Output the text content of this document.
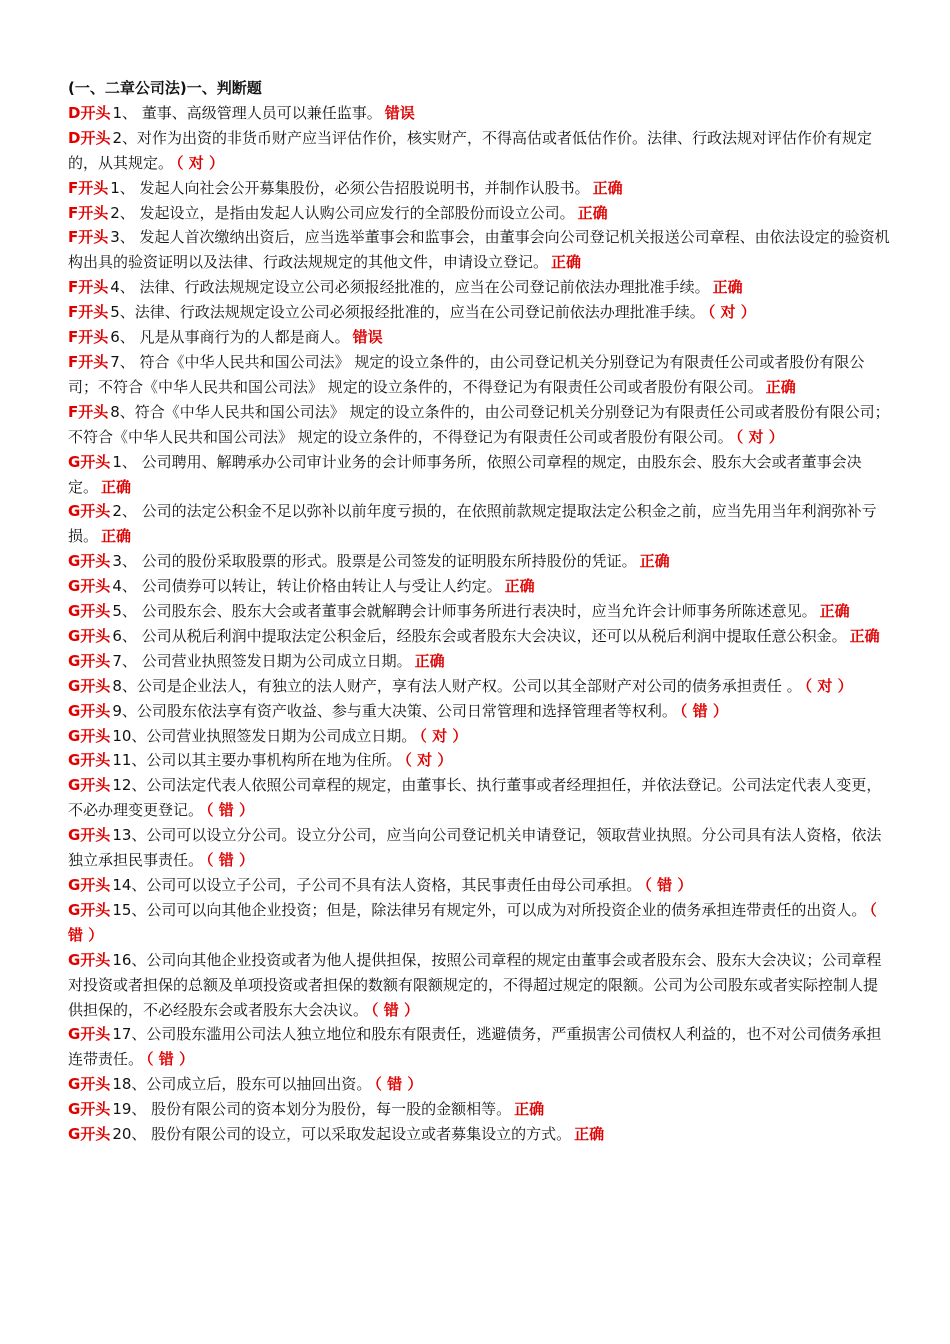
(一、二章公司法)一、判断题

D开头 1、 董事、高级管理人员可以兼任监事。 错误

D开头 2、对作为出资的非货币财产应当评估作价，核实财产，不得高估或者低估作价。法律、行政法规对评估作价有规定的，从其规定。 （ 对 ）

F开头 1、 发起人向社会公开募集股份，必须公告招股说明书，并制作认股书。 正确

F开头 2、 发起设立，是指由发起人认购公司应发行的全部股份而设立公司。 正确

F开头 3、 发起人首次缴纳出资后，应当选举董事会和监事会，由董事会向公司登记机关报送公司章程、由依法设定的验资机构出具的验资证明以及法律、行政法规规定的其他文件，申请设立登记。 正确

F开头 4、 法律、行政法规规定设立公司必须报经批准的，应当在公司登记前依法办理批准手续。 正确

F开头 5、法律、行政法规规定设立公司必须报经批准的，应当在公司登记前依法办理批准手续。 （ 对 ）

F开头 6、 凡是从事商行为的人都是商人。 错误

F开头 7、 符合《中华人民共和国公司法》 规定的设立条件的，由公司登记机关分别登记为有限责任公司或者股份有限公司；不符合《中华人民共和国公司法》 规定的设立条件的，不得登记为有限责任公司或者股份有限公司。 正确

F开头 8、符合《中华人民共和国公司法》 规定的设立条件的，由公司登记机关分别登记为有限责任公司或者股份有限公司；不符合《中华人民共和国公司法》 规定的设立条件的，不得登记为有限责任公司或者股份有限公司。 （ 对 ）

G开头 1、 公司聘用、解聘承办公司审计业务的会计师事务所，依照公司章程的规定，由股东会、股东大会或者董事会决定。 正确

G开头 2、 公司的法定公积金不足以弥补以前年度亏损的，在依照前款规定提取法定公积金之前，应当先用当年利润弥补亏损。 正确

G开头 3、 公司的股份采取股票的形式。股票是公司签发的证明股东所持股份的凭证。 正确

G开头 4、 公司债券可以转让，转让价格由转让人与受让人约定。 正确

G开头 5、 公司股东会、股东大会或者董事会就解聘会计师事务所进行表决时，应当允许会计师事务所陈述意见。 正确

G开头 6、 公司从税后利润中提取法定公积金后，经股东会或者股东大会决议，还可以从税后利润中提取任意公积金。 正确

G开头 7、 公司营业执照签发日期为公司成立日期。 正确

G开头 8、公司是企业法人，有独立的法人财产，享有法人财产权。公司以其全部财产对公司的债务承担责任 。 （ 对 ）

G开头 9、公司股东依法享有资产收益、参与重大决策、公司日常管理和选择管理者等权利。 （ 错 ）

G开头 10、公司营业执照签发日期为公司成立日期。 （ 对 ）

G开头 11、公司以其主要办事机构所在地为住所。 （ 对 ）

G开头 12、公司法定代表人依照公司章程的规定，由董事长、执行董事或者经理担任，并依法登记。公司法定代表人变更，不必办理变更登记。 （ 错 ）

G开头 13、公司可以设立分公司。设立分公司，应当向公司登记机关申请登记，领取营业执照。分公司具有法人资格，依法独立承担民事责任。 （ 错 ）

G开头 14、公司可以设立子公司，子公司不具有法人资格，其民事责任由母公司承担。 （ 错 ）

G开头 15、公司可以向其他企业投资；但是，除法律另有规定外，可以成为对所投资企业的债务承担连带责任的出资人。 （ 错 ）

G开头 16、公司向其他企业投资或者为他人提供担保，按照公司章程的规定由董事会或者股东会、股东大会决议；公司章程对投资或者担保的总额及单项投资或者担保的数额有限额规定的，不得超过规定的限额。公司为公司股东或者实际控制人提供担保的，不必经股东会或者股东大会决议。 （ 错 ）

G开头 17、公司股东滥用公司法人独立地位和股东有限责任，逃避债务，严重损害公司债权人利益的，也不对公司债务承担连带责任。 （ 错 ）

G开头 18、公司成立后，股东可以抽回出资。 （ 错 ）

G开头 19、 股份有限公司的资本划分为股份，每一股的金额相等。 正确

G开头 20、 股份有限公司的设立，可以采取发起设立或者募集设立的方式。 正确
